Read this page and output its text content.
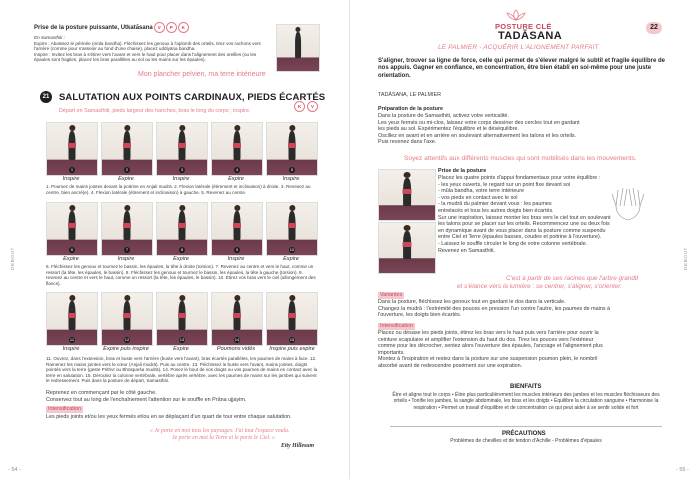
Prise de la posture puissante, Utkatāsana	V	P	K
En Samasthiti :
Expire : Abaissez le périnée (mūla bandha). Fléchissez les genoux à l'aplomb des orteils, tirez vos rachons vers l'arrière (comme pour s'asseoir au fond d'une chaise), placez uddiyāna bandha.
Inspire : Invitez les bras à s'étirer vers l'avant et vers le haut pour placer dans l'alignement des oreilles (ou les épaules sont fragiles, placez les bras parallèles au sol ou les mains sur les épaules).
Mon plancher pelvien, ma terre intérieure
21 SALUTATION AUX POINTS CARDINAUX, PIEDS ÉCARTÉS
K	V
Départ en Samasthiti, pieds largeur des hanches, bras le long du corps ; inspire.
1	2	3	4	5
Inspire	Expire	Inspire	Expire	Inspire
1. Poumez de mains jointes devant la poitrine en Anjali mudrā. 2. Flexion latérale (étirement et inclinaison) à droite. 3. Revenez au centre, bien ancré(e). 4. Flexion latérale (étirement et inclinaison) à gauche. 5. Revenez au centre.
6	7	8	9	10
Expire	Inspire	Expire	Inspire	Expire
6. Fléchissez les genoux et tournez le bassin, les épaules, la tête à droite (torsion). 7. Revenez au centre et vers le haut, comme un ressort (la tête, les épaules, le bassin). 8. Fléchissez les genoux et tournez le bassin, les épaules, la tête à gauche (torsion). 9. revenez au centre et vers le haut, comme un ressort (la tête, les épaules, le bassin). 10. Étirez vos bras vers le ciel (allongement des flancs).
11	12	13	14	15
Inspire	Expire puis inspire	Expire	Poumons vidés	Inspire puis expire
11. Ouvrez, dans l'extension, bras et buste vers l'arrière (buste vers l'avant), bras écartés parallèles, les paumes de mains à face. 12. Ramenez les mains jointes vers le cœur (Anjali mudrā). Puis au centre. 13. Fléchissez le buste vers l'avant, mains jointes, doigts pointés vers la terre (geste Prithvī ou Bhūsparśa mudrā). 14. Posez le bout de vos doigts ou vos paumes de mains en contact avec la terre en salutation. 15. Déroulez la colonne vertébrale, vertèbre après vertèbre, avec les paumes de mains sur les jambes qui suivent le redressement. Puis dans la posture de départ, Samasthiti.
Reprenez en commençant par le côté gauche.
Conservez tout au long de l'enchaînement l'attention sur le souffle en Prāna ujjayim.
Intensification
Les pieds joints et/ou les yeux fermés et/ou en se déplaçant d'un quart de tour entre chaque salutation.
« Je porte en moi tous les paysages. J'ai tout l'espace voulu.
Je porte en moi la Terre et le porte le Ciel. »
Etty Hillesum
DEBOUT
- 54 -
POSTURE CLÉ	22
TADĀSANA
LE PALMIER - ACQUÉRIR L'ALIGNEMENT PARFAIT
S'aligner, trouver sa ligne de force, celle qui permet de s'élever malgré le subtil et fragile équilibre de nos appuis. Gagner en confiance, en concentration, être bien établi en soi-même pour une juste orientation.
TADĀSANA, LE PALMIER
Préparation de la posture
Dans la posture de Samasthiti, activez votre verticalité.
Les yeux fermés ou mi-clos, laissez votre corps dessiner des cercles tout en gardant
les pieds au sol. Expérimentez l'équilibre et le déséquilibre.
Oscillez en avant et en arrière en soulevant alternativement les talons et les orteils.
Puis revenez dans l'axe.
Soyez attentifs aux différents muscles qui sont mobilisés dans les mouvements.
Prise de la posture
Placez les quatre points d'appui fondamentaux pour votre équilibre :
- les yeux ouverts, le regard sur un point fixe devant soi
- mūla bandha, votre terre intérieure
- vos pieds en contact avec le sol
- la mudrā du palmier devant vous : les paumes
entrelacés et tous les autres doigts bien écartés.
Sur une inspiration, laissez monter les bras vers le ciel tout en soulevant
les talons pour se placer sur les orteils. Recommencez une ou deux fois
en dynamique avant de vous placer dans la posture comme suspendu
entre Ciel et Terre (épaules basses, coudes et poitrine à l'ouverture).
- Laissez le souffle circuler le long de votre colonne vertébrale.
Revenez en Samasthiti.
C'est à partir de ses racines que l'arbre grandit
et s'élance vers la lumière : se centrer, s'aligner, s'orienter.
Variantes
Dans la posture, fléchissez les genoux tout en gardant le dos dans la verticale.
Changez la mudrā : l'extrémité des pouces en pression l'un contre l'autre, les paumes de mains à
l'ouverture, les doigts bien écartés.
Intensification
Placez ou désaxe les pieds joints, étirez les bras vers le haut puis vers l'arrière pour ouvrir la
ceinture scapulaire et amplifier l'extension du haut du dos. Tirez les pouces vers l'extérieur
comme pour les décrocher, sentez alors l'ouverture des épaules, l'ancrage et l'alignement plus
importants.
Montez à l'inspiration et restez dans la posture sur une suspension poumon plein, le nombril
absorbé avant de redescendre posément sur une expiration.
BIENFAITS
Être et aligne tout le corps • Étire plus particulièrement les muscles intérieurs des jambes et les muscles fléchisseurs des orteils • Tonifie les jambes, la sangle abdominale, les bras et les doigts • Équilibre la circulation sanguine • Harmonise la respiration • Permet un travail d'équilibre et de concentration ce qui peut aider à se sentir solide et fort
PRÉCAUTIONS
Problèmes de chevilles et de tendon d'Achille - Problèmes d'épaules
DEBOUT
- 55 -
